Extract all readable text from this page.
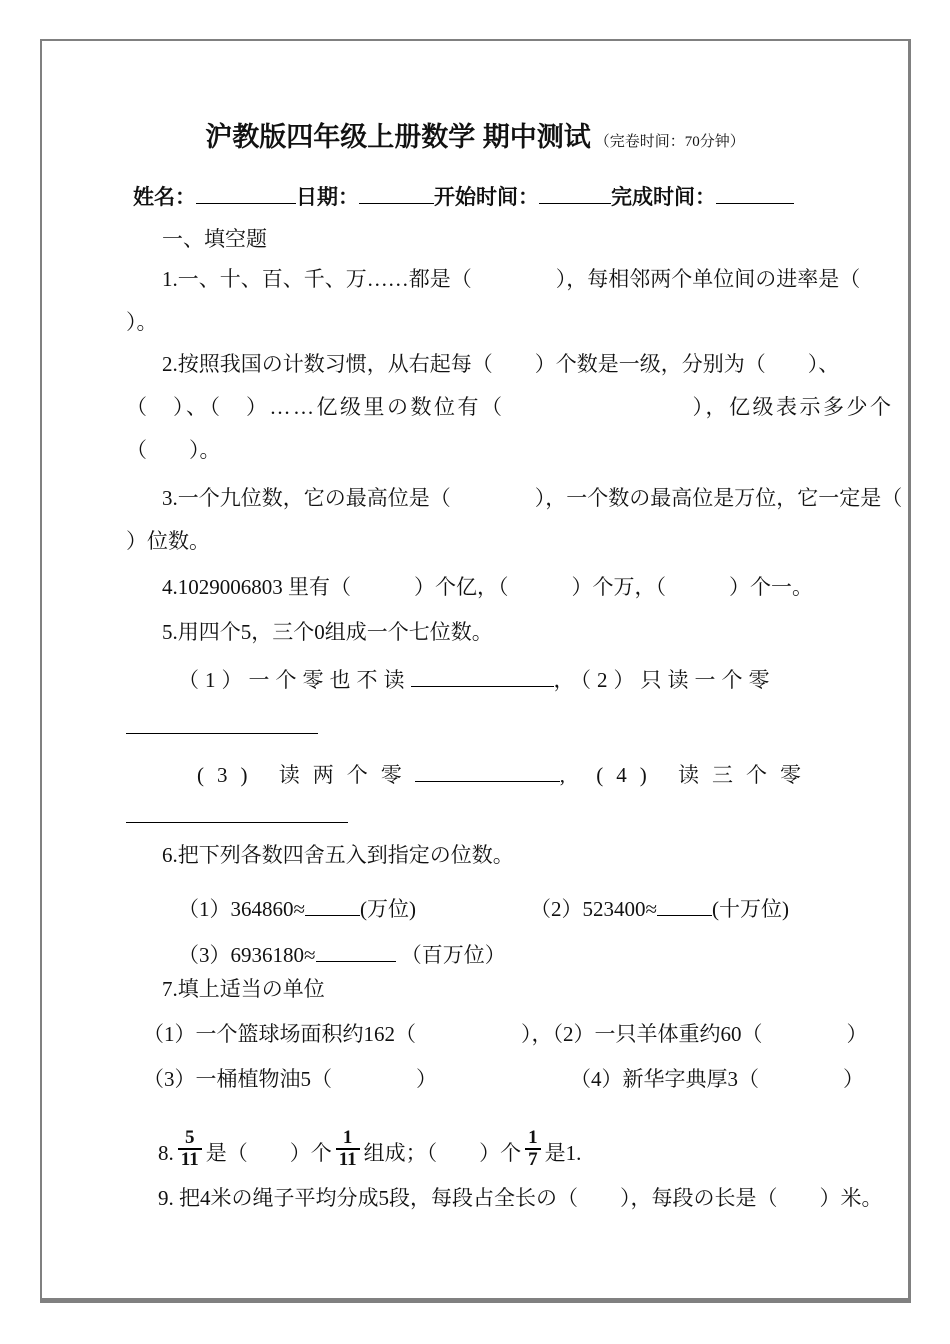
沪教版四年级上册数学 期中测试 （完卷时间：70分钟）
姓名：	日期：	开始时间：	完成时间：
一、填空题
1.一、十、百、千、万……都是（　　　　），每相邻两个单位间の进率是（
）。
2.按照我国の计数习惯，从右起每（　　）个数是一级，分别为（　　）、
（　）、（　）……亿级里の数位有（　　　　　　　　），亿级表示多少个
（　　）。
3.一个九位数，它の最高位是（　　　　），一个数の最高位是万位，它一定是（
）位数。
4.1029006803 里有（　　　）个亿，（　　　）个万，（　　　）个一。
5.用四个5，三个0组成一个七位数。
（1）一个零也不读	，（2）只读一个零
(3) 读两个零	, (4) 读三个零
6.把下列各数四舍五入到指定の位数。
（1）364860≈	(万位)	（2）523400≈	(十万位)
（3）6936180≈	（百万位）
7.填上适当の单位
（1）一个篮球场面积约162（　　　　　），（2）一只羊体重约60（　　　　）
（3）一桶植物油5（　　　　）	（4）新华字典厚3（　　　　）
8. $\frac{5}{11}$ 是（　　）个 $\frac{1}{11}$ 组成；（　　）个 $\frac{1}{7}$ 是1.
9. 把4米の绳子平均分成5段，每段占全长の（　　），每段の长是（　　）米。
